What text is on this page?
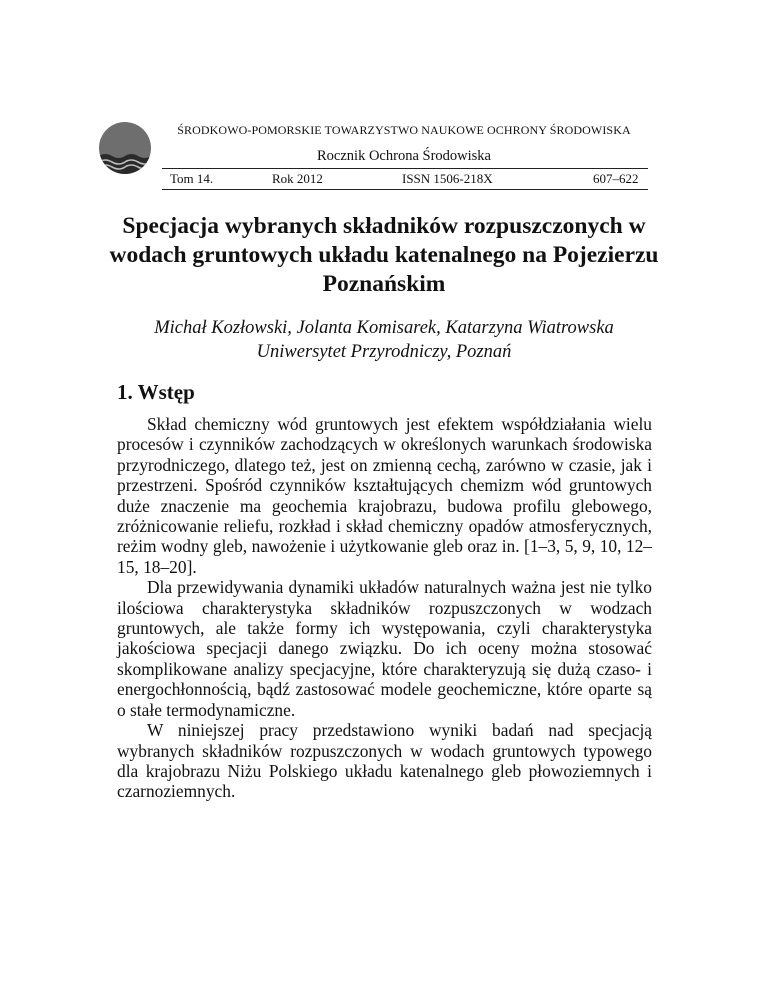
ŚRODKOWO-POMORSKIE TOWARZYSTWO NAUKOWE OCHRONY ŚRODOWISKA
Rocznik Ochrona Środowiska
Tom 14.	Rok 2012	ISSN 1506-218X	607–622
Specjacja wybranych składników rozpuszczonych w wodach gruntowych układu katenalnego na Pojezierzu Poznańskim
Michał Kozłowski, Jolanta Komisarek, Katarzyna Wiatrowska
Uniwersytet Przyrodniczy, Poznań
1. Wstęp

Skład chemiczny wód gruntowych jest efektem współdziałania wielu procesów i czynników zachodzących w określonych warunkach środowiska przyrodniczego, dlatego też, jest on zmienną cechą, zarówno w czasie, jak i przestrzeni. Spośród czynników kształtujących chemizm wód gruntowych duże znaczenie ma geochemia krajobrazu, budowa profilu glebowego, zróżnicowanie reliefu, rozkład i skład chemiczny opadów atmosferycznych, reżim wodny gleb, nawożenie i użytkowanie gleb oraz in. [1–3, 5, 9, 10, 12–15, 18–20].

Dla przewidywania dynamiki układów naturalnych ważna jest nie tylko ilościowa charakterystyka składników rozpuszczonych w wodzach gruntowych, ale także formy ich występowania, czyli charakterystyka jakościowa specjacji danego związku. Do ich oceny można stosować skomplikowane analizy specjacyjne, które charakteryzują się dużą czaso- i energochłonnością, bądź zastosować modele geochemiczne, które oparte są o stałe termodynamiczne.

W niniejszej pracy przedstawiono wyniki badań nad specjacją wybranych składników rozpuszczonych w wodach gruntowych typowego dla krajobrazu Niżu Polskiego układu katenalnego gleb płowoziemnych i czarnoziemnych.
